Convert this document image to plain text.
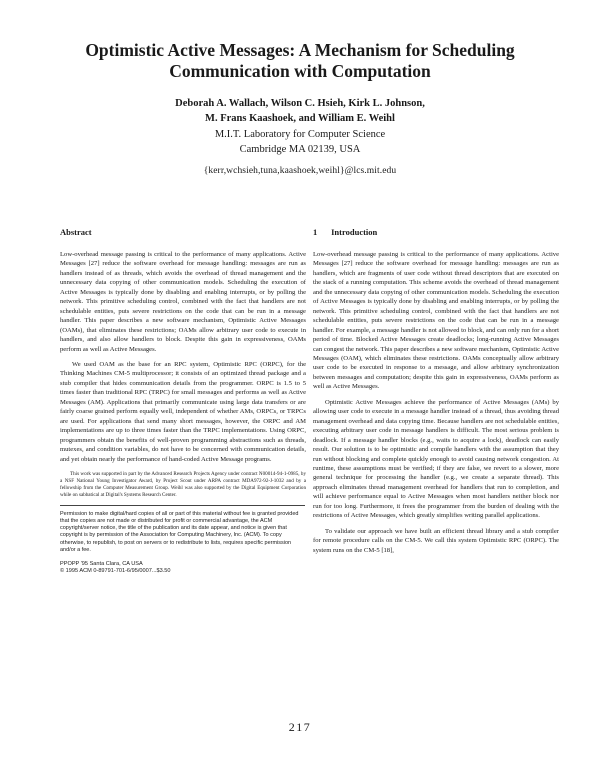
Optimistic Active Messages: A Mechanism for Scheduling
Communication with Computation
Deborah A. Wallach, Wilson C. Hsieh, Kirk L. Johnson,
M. Frans Kaashoek, and William E. Weihl
M.I.T. Laboratory for Computer Science
Cambridge MA 02139, USA
{kerr,wchsieh,tuna,kaashoek,weihl}@lcs.mit.edu
Abstract

Low-overhead message passing is critical to the performance of many applications. Active Messages [27] reduce the software overhead for message handling: messages are run as handlers instead of as threads, which avoids the overhead of thread management and the unnecessary data copying of other communication models. Scheduling the execution of Active Messages is typically done by disabling and enabling interrupts, or by polling the network. This primitive scheduling control, combined with the fact that handlers are not schedulable entities, puts severe restrictions on the code that can be run in a message handler. This paper describes a new software mechanism, Optimistic Active Messages (OAMs), that eliminates these restrictions; OAMs allow arbitrary user code to execute in handlers, and also allow handlers to block. Despite this gain in expressiveness, OAMs perform as well as Active Messages.

We used OAM as the base for an RPC system, Optimistic RPC (ORPC), for the Thinking Machines CM-5 multiprocessor; it consists of an optimized thread package and a stub compiler that hides communication details from the programmer. ORPC is 1.5 to 5 times faster than traditional RPC (TRPC) for small messages and performs as well as Active Messages (AM). Applications that primarily communicate using large data transfers or are fairly coarse grained perform equally well, independent of whether AMs, ORPCs, or TRPCs are used. For applications that send many short messages, however, the ORPC and AM implementations are up to three times faster than the TRPC implementations. Using ORPC, programmers obtain the benefits of well-proven programming abstractions such as threads, mutexes, and condition variables, do not have to be concerned with communication details, and yet obtain nearly the performance of hand-coded Active Message programs.

This work was supported in part by the Advanced Research Projects Agency under contract N00014-94-1-0985, by a NSF National Young Investigator Award, by Project Scout under ARPA contract MDA972-92-J-1032 and by a fellowship from the Computer Measurement Group. Weihl was also supported by the Digital Equipment Corporation while on sabbatical at Digital's Systems Research Center.
Permission to make digital/hard copies of all or part of this material without fee is granted provided that the copies are not made or distributed for profit or commercial advantage, the ACM copyright/server notice, the title of the publication and its date appear, and notice is given that copyright is by permission of the Association for Computing Machinery, Inc. (ACM). To copy otherwise, to republish, to post on servers or to redistribute to lists, requires specific permission and/or a fee.
PPOPP '95 Santa Clara, CA USA
© 1995 ACM 0-89791-701-6/95/0007...$3.50
1 Introduction

Low-overhead message passing is critical to the performance of many applications. Active Messages [27] reduce the software overhead for message handling: messages are run as handlers, which are fragments of user code without thread descriptors that are executed on the stack of a running computation. This scheme avoids the overhead of thread management and the unnecessary data copying of other communication models. Scheduling the execution of Active Messages is typically done by disabling and enabling interrupts, or by polling the network. This primitive scheduling control, combined with the fact that handlers are not schedulable entities, puts severe restrictions on the code that can be run in a message handler. For example, a message handler is not allowed to block, and can only run for a short period of time. Blocked Active Messages create deadlocks; long-running Active Messages can congest the network. This paper describes a new software mechanism, Optimistic Active Messages (OAM), which eliminates these restrictions. OAMs conceptually allow arbitrary user code to be executed in response to a message, and allow arbitrary synchronization between messages and computation; despite this gain in expressiveness, OAMs perform as well as Active Messages.

Optimistic Active Messages achieve the performance of Active Messages (AMs) by allowing user code to execute in a message handler instead of a thread, thus avoiding thread management overhead and data copying time. Because handlers are not schedulable entities, executing arbitrary user code in message handlers is difficult. The most serious problem is deadlock. If a message handler blocks (e.g., waits to acquire a lock), deadlock can easily result. Our solution is to be optimistic and compile handlers with the assumption that they run without blocking and complete quickly enough to avoid causing network congestion. At runtime, these assumptions must be verified; if they are false, we revert to a slower, more general technique for processing the handler (e.g., we create a separate thread). This approach eliminates thread management overhead for handlers that run to completion, and will achieve performance equal to Active Messages when most handlers neither block nor run for too long. Furthermore, it frees the programmer from the burden of dealing with the restrictions of Active Messages, which greatly simplifies writing parallel applications.

To validate our approach we have built an efficient thread library and a stub compiler for remote procedure calls on the CM-5. We call this system Optimistic RPC (ORPC). The system runs on the CM-5 [18],

217
